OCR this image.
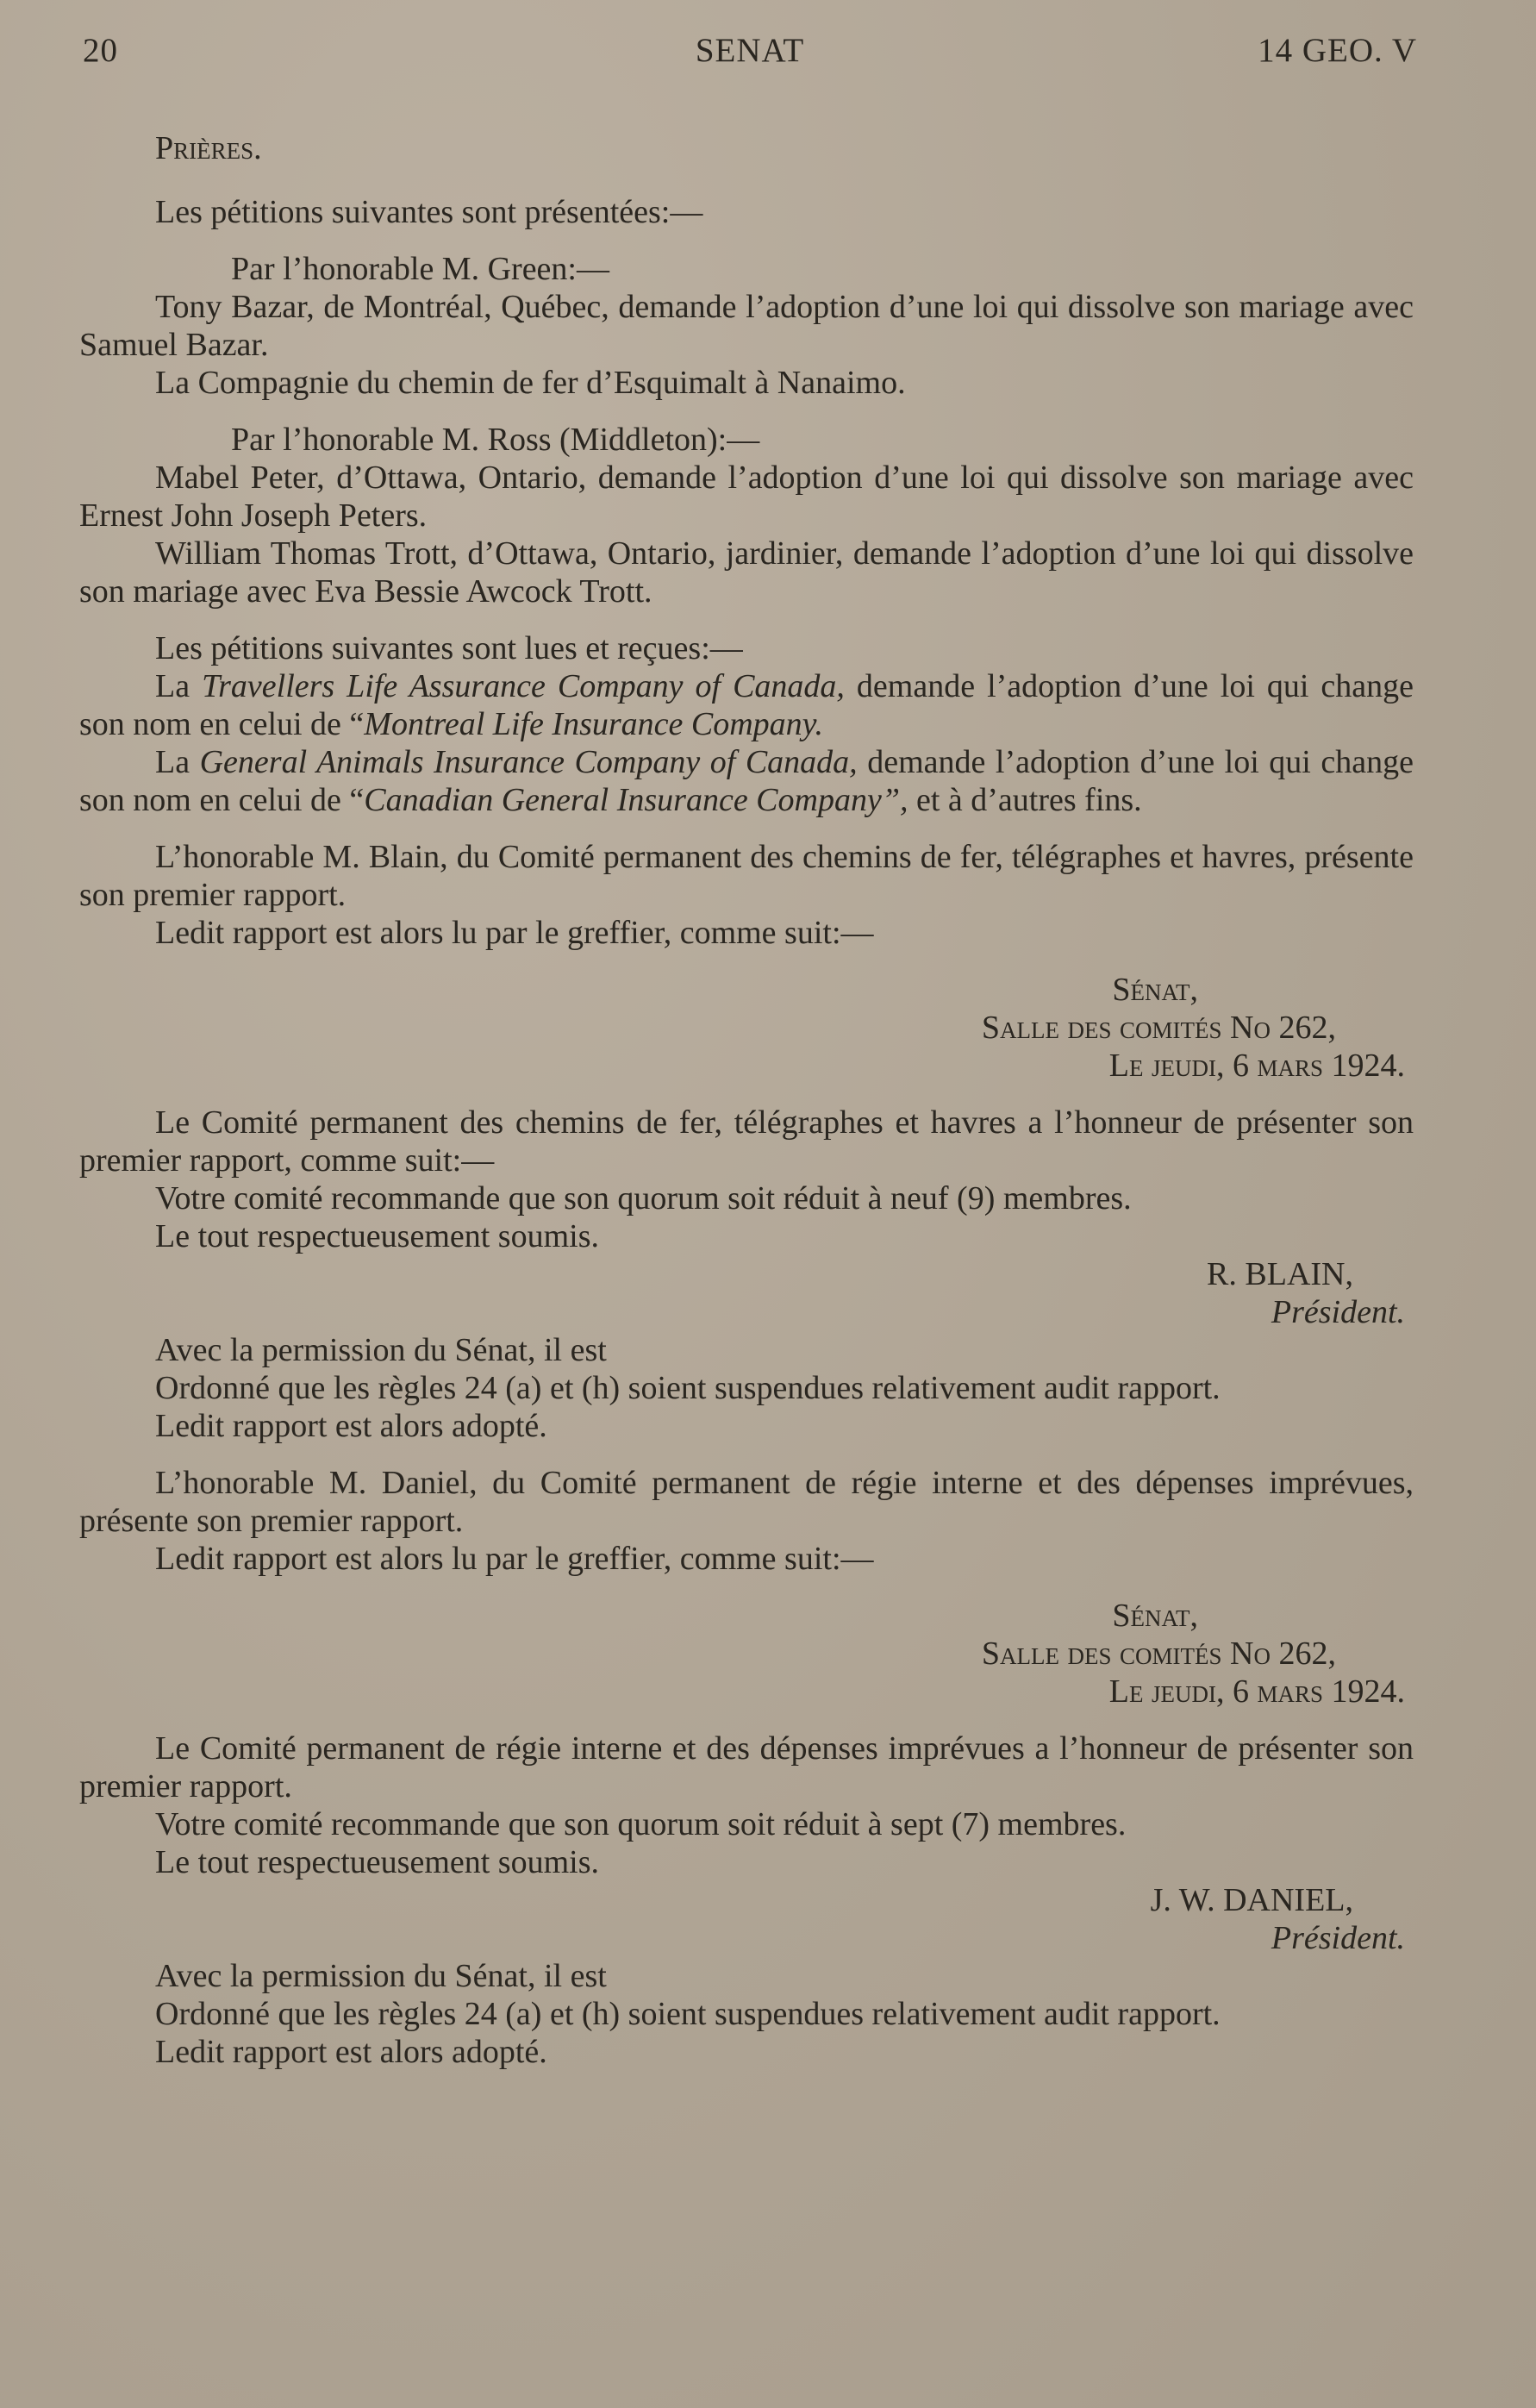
20	SENAT	14 GEO. V

Prières.

Les pétitions suivantes sont présentées:—

Par l’honorable M. Green:—

Tony Bazar, de Montréal, Québec, demande l’adoption d’une loi qui dissolve son mariage avec Samuel Bazar.

La Compagnie du chemin de fer d’Esquimalt à Nanaimo.

Par l’honorable M. Ross (Middleton):—

Mabel Peter, d’Ottawa, Ontario, demande l’adoption d’une loi qui dissolve son mariage avec Ernest John Joseph Peters.

William Thomas Trott, d’Ottawa, Ontario, jardinier, demande l’adoption d’une loi qui dissolve son mariage avec Eva Bessie Awcock Trott.

Les pétitions suivantes sont lues et reçues:—

La Travellers Life Assurance Company of Canada, demande l’adoption d’une loi qui change son nom en celui de “Montreal Life Insurance Company.

La General Animals Insurance Company of Canada, demande l’adoption d’une loi qui change son nom en celui de “Canadian General Insurance Company”, et à d’autres fins.

L’honorable M. Blain, du Comité permanent des chemins de fer, télégraphes et havres, présente son premier rapport.

Ledit rapport est alors lu par le greffier, comme suit:—

Sénat,

Salle des comités No 262,

Le jeudi, 6 mars 1924.

Le Comité permanent des chemins de fer, télégraphes et havres a l’honneur de présenter son premier rapport, comme suit:—

Votre comité recommande que son quorum soit réduit à neuf (9) membres.

Le tout respectueusement soumis.

R. BLAIN,

Président.

Avec la permission du Sénat, il est

Ordonné que les règles 24 (a) et (h) soient suspendues relativement audit rapport.

Ledit rapport est alors adopté.

L’honorable M. Daniel, du Comité permanent de régie interne et des dépenses imprévues, présente son premier rapport.

Ledit rapport est alors lu par le greffier, comme suit:—

Sénat,

Salle des comités No 262,

Le jeudi, 6 mars 1924.

Le Comité permanent de régie interne et des dépenses imprévues a l’honneur de présenter son premier rapport.

Votre comité recommande que son quorum soit réduit à sept (7) membres.

Le tout respectueusement soumis.

J. W. DANIEL,

Président.

Avec la permission du Sénat, il est

Ordonné que les règles 24 (a) et (h) soient suspendues relativement audit rapport.

Ledit rapport est alors adopté.
